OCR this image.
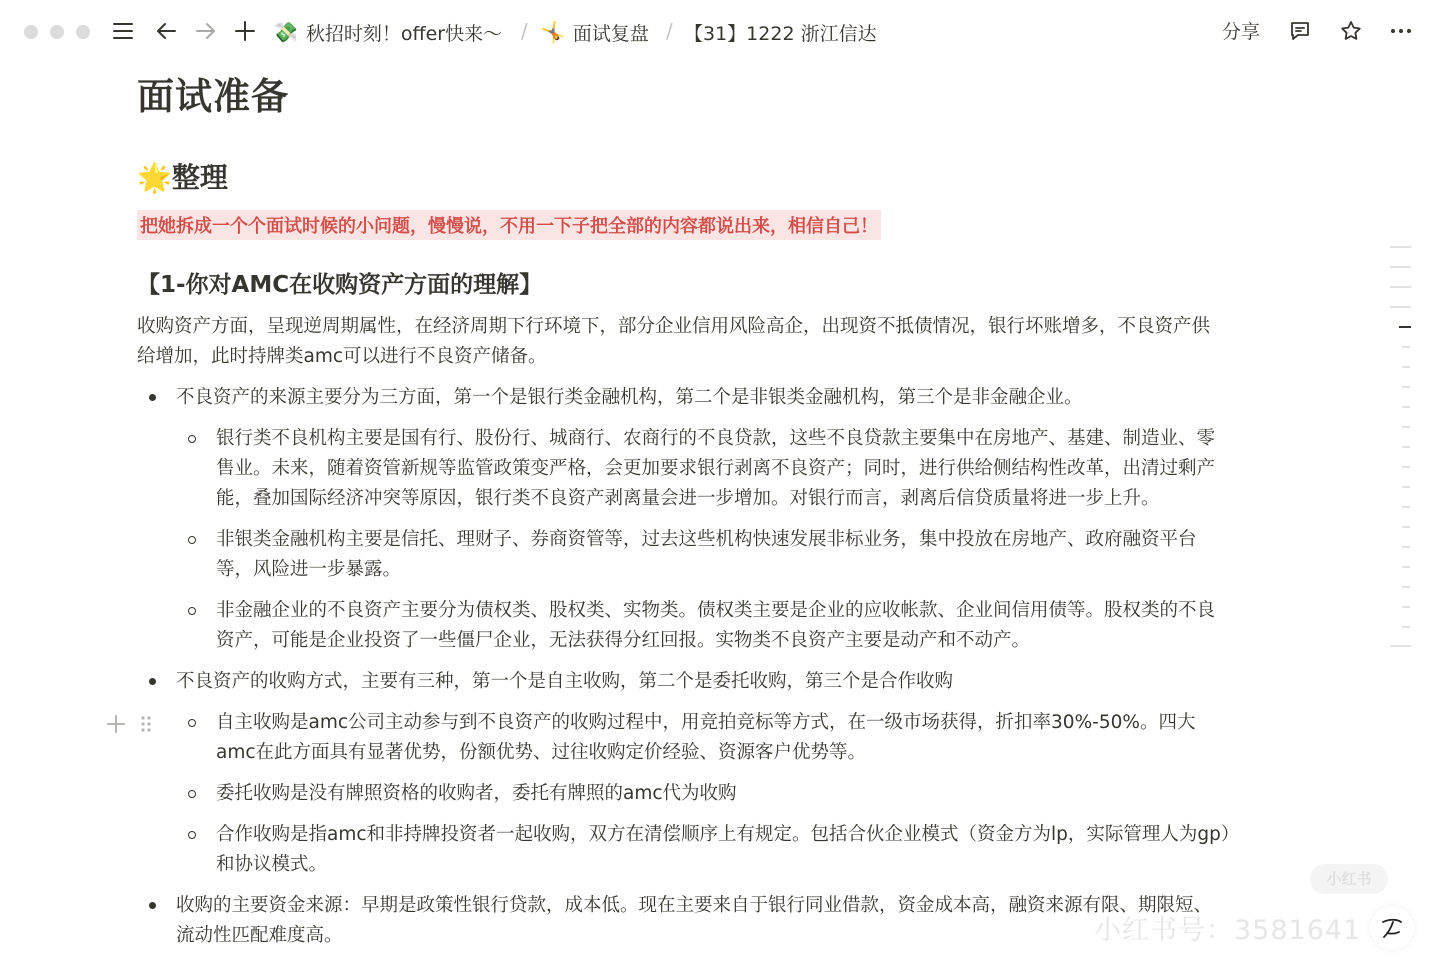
💸 秋招时刻！offer快来～ / 🤸 面试复盘 / 【31】1222 浙江信达	分享
面试准备
🌟整理
把她拆成一个个面试时候的小问题，慢慢说，不用一下子把全部的内容都说出来，相信自己！
【1-你对AMC在收购资产方面的理解】
收购资产方面，呈现逆周期属性，在经济周期下行环境下，部分企业信用风险高企，出现资不抵债情况，银行坏账增多，不良资产供
给增加，此时持牌类amc可以进行不良资产储备。
不良资产的来源主要分为三方面，第一个是银行类金融机构，第二个是非银类金融机构，第三个是非金融企业。
银行类不良机构主要是国有行、股份行、城商行、农商行的不良贷款，这些不良贷款主要集中在房地产、基建、制造业、零
售业。未来，随着资管新规等监管政策变严格，会更加要求银行剥离不良资产；同时，进行供给侧结构性改革，出清过剩产
能，叠加国际经济冲突等原因，银行类不良资产剥离量会进一步增加。对银行而言，剥离后信贷质量将进一步上升。
非银类金融机构主要是信托、理财子、券商资管等，过去这些机构快速发展非标业务，集中投放在房地产、政府融资平台
等，风险进一步暴露。
非金融企业的不良资产主要分为债权类、股权类、实物类。债权类主要是企业的应收帐款、企业间信用债等。股权类的不良
资产，可能是企业投资了一些僵尸企业，无法获得分红回报。实物类不良资产主要是动产和不动产。
不良资产的收购方式，主要有三种，第一个是自主收购，第二个是委托收购，第三个是合作收购
自主收购是amc公司主动参与到不良资产的收购过程中，用竞拍竞标等方式，在一级市场获得，折扣率30%-50%。四大
amc在此方面具有显著优势，份额优势、过往收购定价经验、资源客户优势等。
委托收购是没有牌照资格的收购者，委托有牌照的amc代为收购
合作收购是指amc和非持牌投资者一起收购，双方在清偿顺序上有规定。包括合伙企业模式（资金方为lp，实际管理人为gp）
和协议模式。
收购的主要资金来源：早期是政策性银行贷款，成本低。现在主要来自于银行同业借款，资金成本高，融资来源有限、期限短、
流动性匹配难度高。
小红书
小红书号：3581641
